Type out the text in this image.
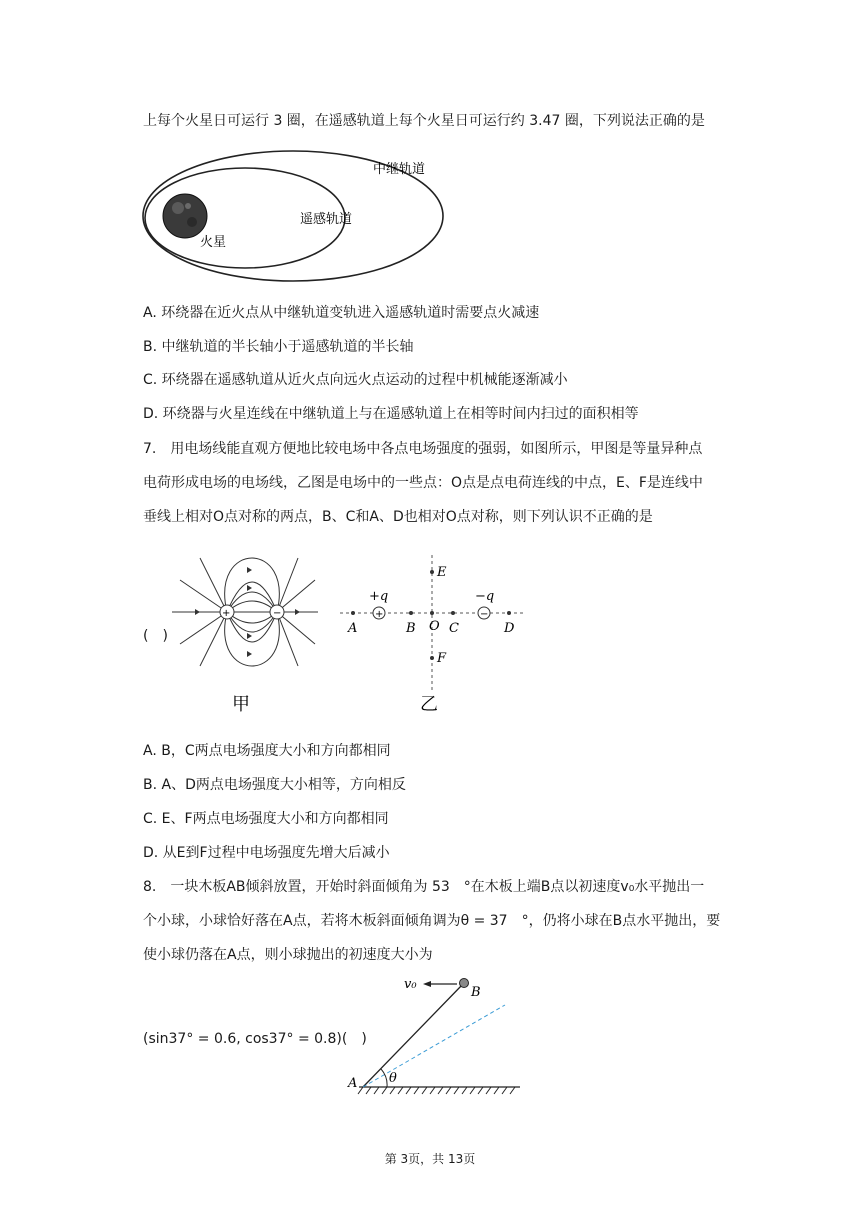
上每个火星日可运行 3 圈，在遥感轨道上每个火星日可运行约 3.47 圈，下列说法正确的是
中继轨道
遥感轨道
火星
A. 环绕器在近火点从中继轨道变轨进入遥感轨道时需要点火减速
B. 中继轨道的半长轴小于遥感轨道的半长轴
C. 环绕器在遥感轨道从近火点向远火点运动的过程中机械能逐渐减小
D. 环绕器与火星连线在中继轨道上与在遥感轨道上在相等时间内扫过的面积相等
7.　用电场线能直观方便地比较电场中各点电场强度的强弱，如图所示，甲图是等量异种点
电荷形成电场的电场线，乙图是电场中的一些点：O点是点电荷连线的中点，E、F是连线中
垂线上相对O点对称的两点，B、C和A、D也相对O点对称，则下列认识不正确的是
(　)
+	−
甲
+	−
A
+q
B O C
−q
D
E
F
乙
A. B，C两点电场强度大小和方向都相同
B. A、D两点电场强度大小相等，方向相反
C. E、F两点电场强度大小和方向都相同
D. 从E到F过程中电场强度先增大后减小
8.　一块木板AB倾斜放置，开始时斜面倾角为 53　°在木板上端B点以初速度v₀水平抛出一
个小球，小球恰好落在A点，若将木板斜面倾角调为θ = 37　°，仍将小球在B点水平抛出，要
使小球仍落在A点，则小球抛出的初速度大小为
(sin37° = 0.6, cos37° = 0.8)(　)
v₀
B
A θ
第 3页，共 13页
